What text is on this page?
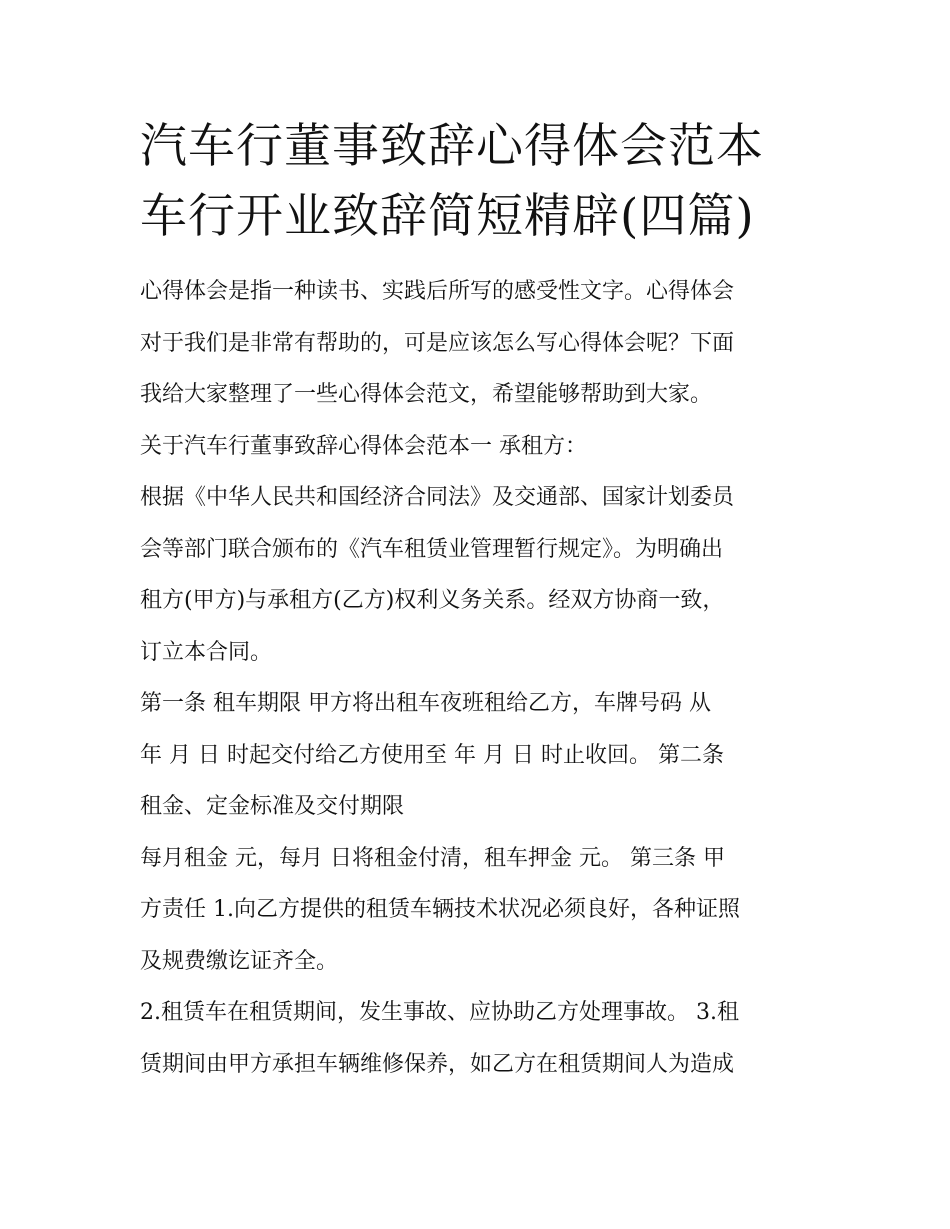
汽车行董事致辞心得体会范本
车行开业致辞简短精辟(四篇)

心得体会是指一种读书、实践后所写的感受性文字。心得体会
对于我们是非常有帮助的，可是应该怎么写心得体会呢？下面
我给大家整理了一些心得体会范文，希望能够帮助到大家。

关于汽车行董事致辞心得体会范本一 承租方：

根据《中华人民共和国经济合同法》及交通部、国家计划委员
会等部门联合颁布的《汽车租赁业管理暂行规定》。为明确出
租方(甲方)与承租方(乙方)权利义务关系。经双方协商一致，
订立本合同。

第一条 租车期限 甲方将出租车夜班租给乙方，车牌号码 从
年 月 日 时起交付给乙方使用至 年 月 日 时止收回。 第二条
租金、定金标准及交付期限

每月租金 元，每月 日将租金付清，租车押金 元。 第三条 甲
方责任 1.向乙方提供的租赁车辆技术状况必须良好，各种证照
及规费缴讫证齐全。

2.租赁车在租赁期间，发生事故、应协助乙方处理事故。 3.租
赁期间由甲方承担车辆维修保养，如乙方在租赁期间人为造成
